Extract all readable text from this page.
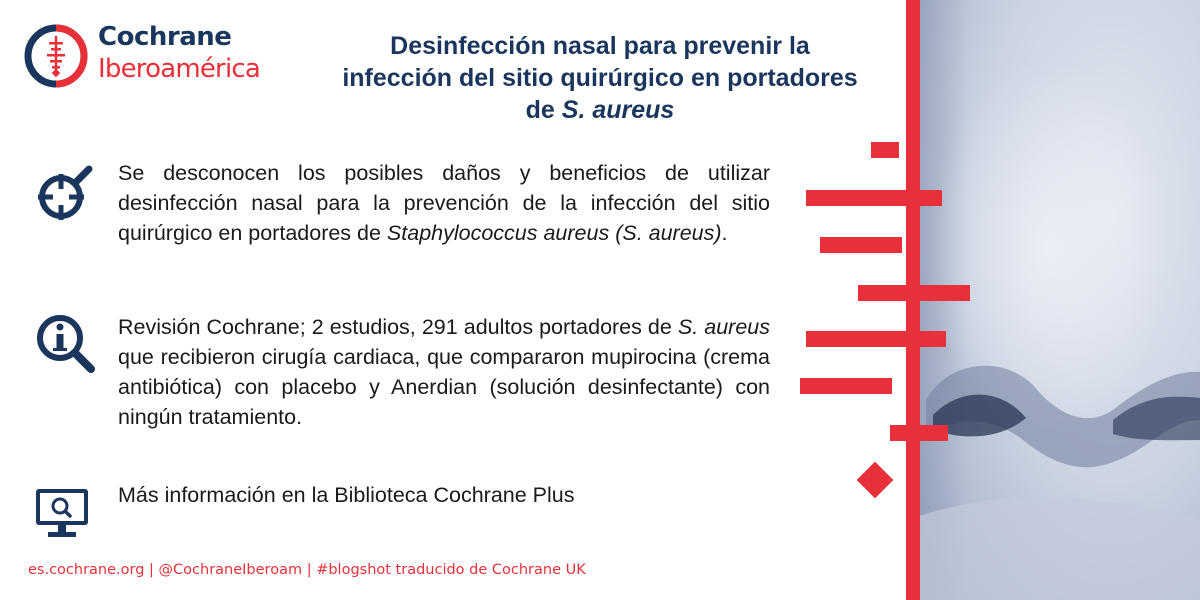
Cochrane
Iberoamérica
Desinfección nasal para prevenir la
infección del sitio quirúrgico en portadores
de S. aureus

Se desconocen los posibles daños y beneficios de utilizar desinfección nasal para la prevención de la infección del sitio quirúrgico en portadores de Staphylococcus aureus (S. aureus).

Revisión Cochrane; 2 estudios, 291 adultos portadores de S. aureus que recibieron cirugía cardiaca, que compararon mupirocina (crema antibiótica) con placebo y Anerdian (solución desinfectante) con ningún tratamiento.

Más información en la Biblioteca Cochrane Plus

es.cochrane.org | @CochraneIberoam | #blogshot traducido de Cochrane UK
